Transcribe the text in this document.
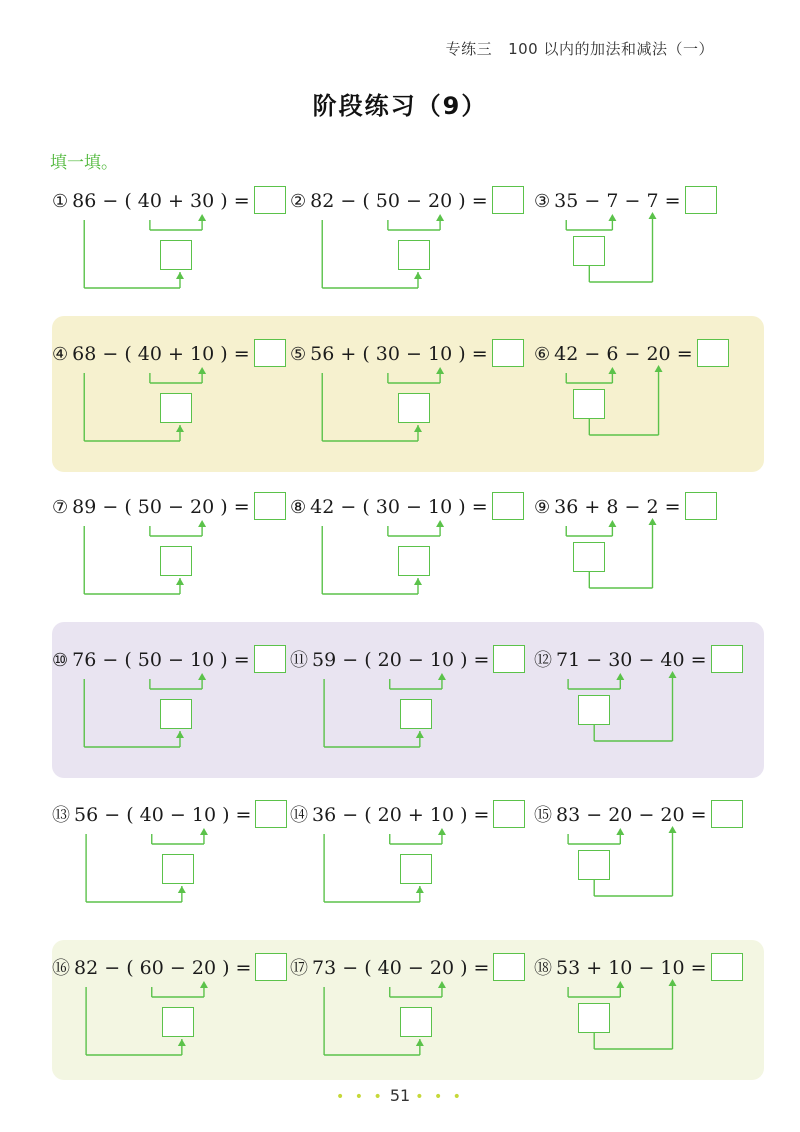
专练三 100 以内的加法和减法（一）
阶段练习（9）
填一填。
① 86 − ( 40 + 30 ) =	② 82 − ( 50 − 20 ) =	③ 35 − 7 − 7 =
④ 68 − ( 40 + 10 ) =	⑤ 56 + ( 30 − 10 ) =	⑥ 42 − 6 − 20 =
⑦ 89 − ( 50 − 20 ) =	⑧ 42 − ( 30 − 10 ) =	⑨ 36 + 8 − 2 =
⑩ 76 − ( 50 − 10 ) =	⑪ 59 − ( 20 − 10 ) =	⑫ 71 − 30 − 40 =
⑬ 56 − ( 40 − 10 ) =	⑭ 36 − ( 20 + 10 ) =	⑮ 83 − 20 − 20 =
⑯ 82 − ( 60 − 20 ) =	⑰ 73 − ( 40 − 20 ) =	⑱ 53 + 10 − 10 =
• • • 51 • • •
